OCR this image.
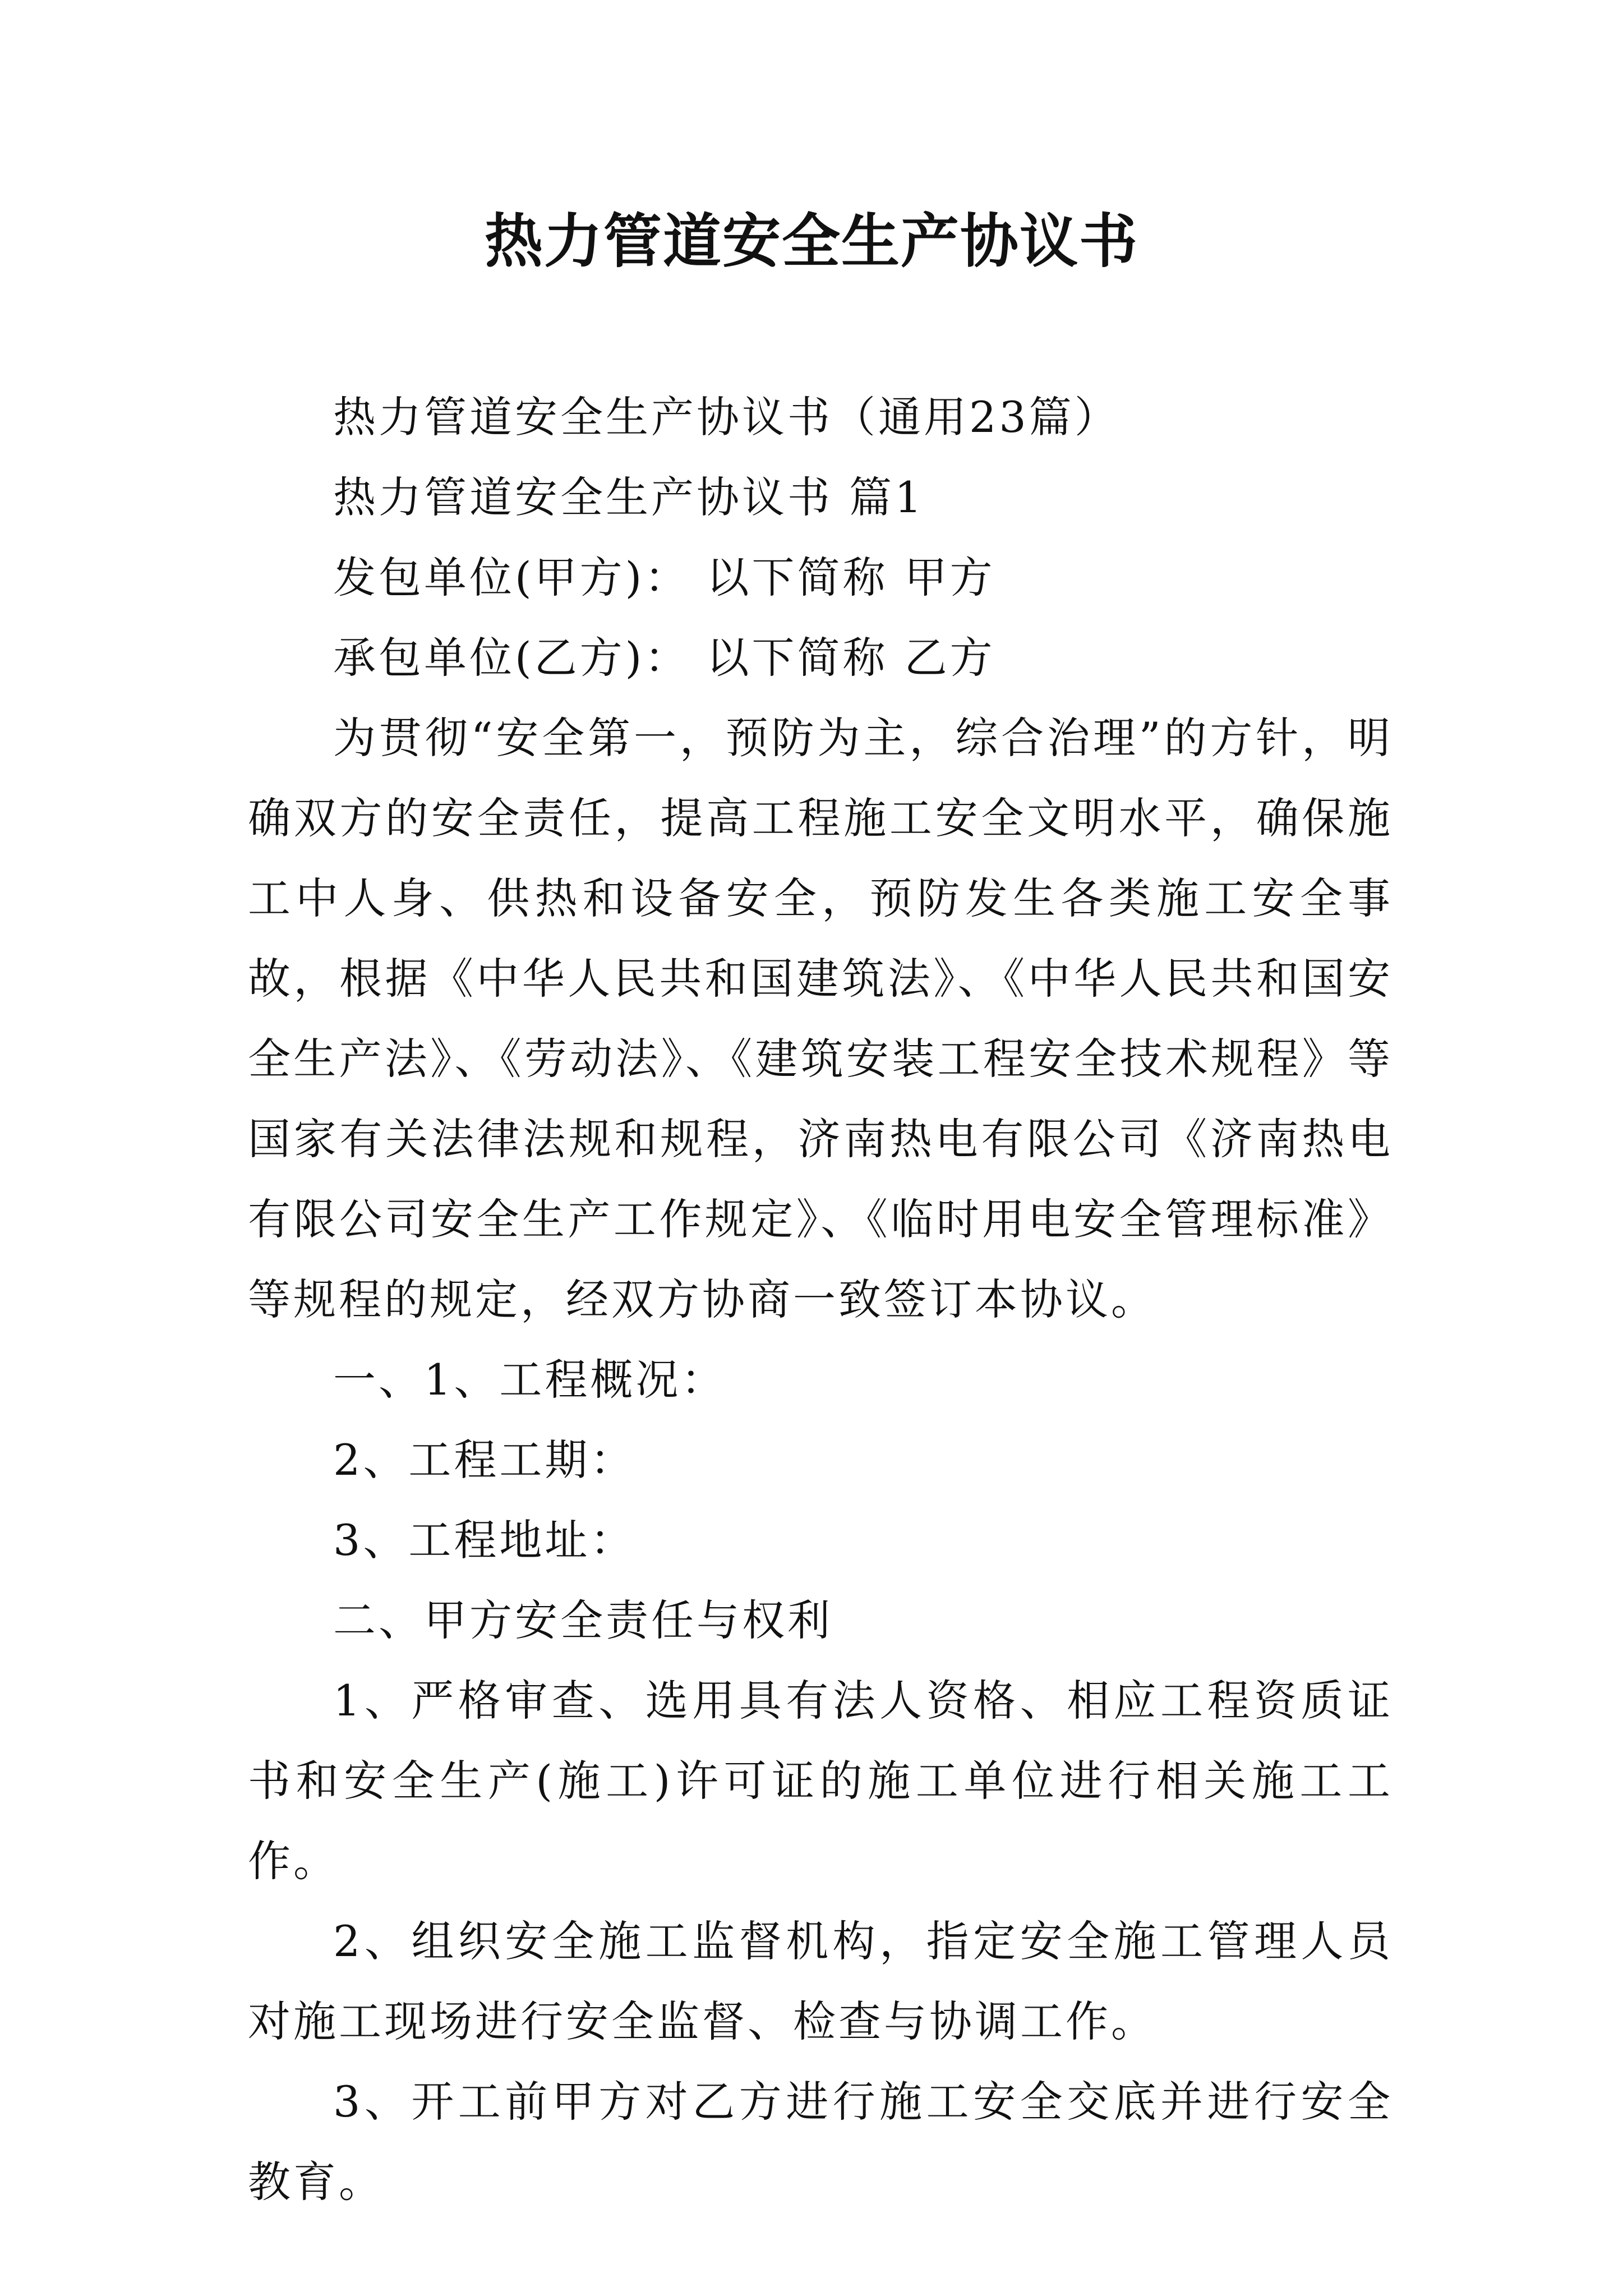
热力管道安全生产协议书

热力管道安全生产协议书（通用23篇）

热力管道安全生产协议书 篇1

发包单位(甲方)： 以下简称 甲方

承包单位(乙方)： 以下简称 乙方

为贯彻“安全第一，预防为主，综合治理”的方针，明确双方的安全责任，提高工程施工安全文明水平，确保施工中人身、供热和设备安全，预防发生各类施工安全事故，根据《中华人民共和国建筑法》、《中华人民共和国安全生产法》、《劳动法》、《建筑安装工程安全技术规程》等国家有关法律法规和规程，济南热电有限公司《济南热电有限公司安全生产工作规定》、《临时用电安全管理标准》等规程的规定，经双方协商一致签订本协议。

一、1、工程概况：

2、工程工期：

3、工程地址：

二、甲方安全责任与权利

1、严格审查、选用具有法人资格、相应工程资质证书和安全生产(施工)许可证的施工单位进行相关施工工作。

2、组织安全施工监督机构，指定安全施工管理人员对施工现场进行安全监督、检查与协调工作。

3、开工前甲方对乙方进行施工安全交底并进行安全教育。
